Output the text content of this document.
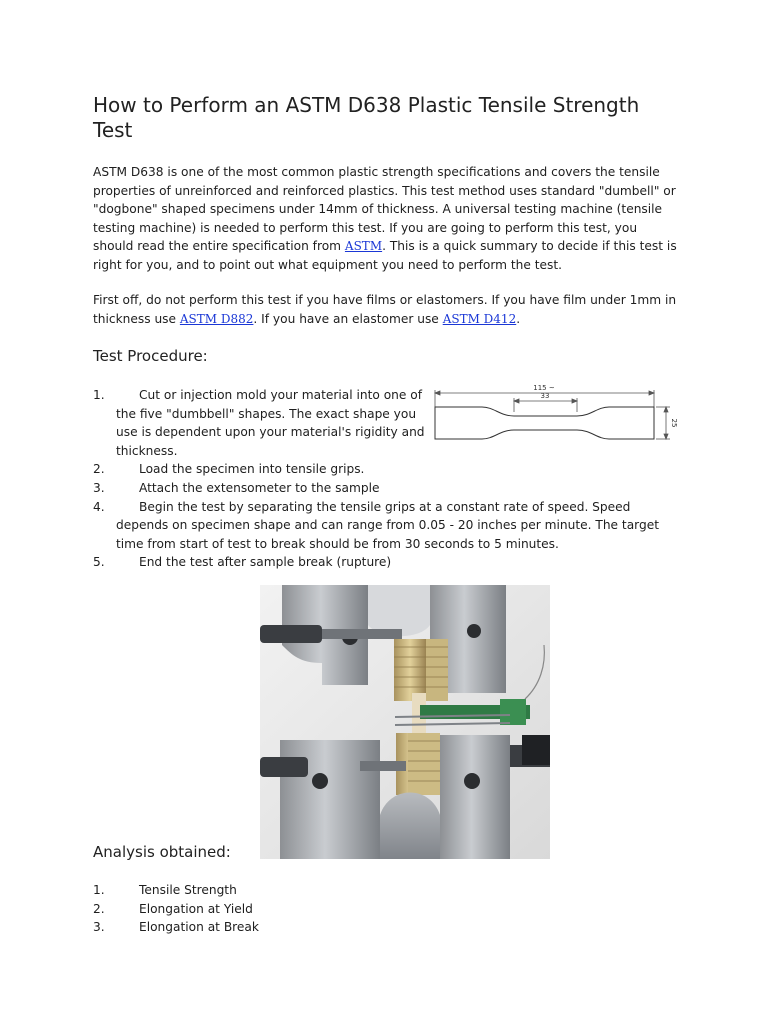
How to Perform an ASTM D638 Plastic Tensile Strength Test

ASTM D638 is one of the most common plastic strength specifications and covers the tensile properties of unreinforced and reinforced plastics. This test method uses standard "dumbell" or "dogbone" shaped specimens under 14mm of thickness. A universal testing machine (tensile testing machine) is needed to perform this test. If you are going to perform this test, you should read the entire specification from ASTM. This is a quick summary to decide if this test is right for you, and to point out what equipment you need to perform the test.

First off, do not perform this test if you have films or elastomers. If you have film under 1mm in thickness use ASTM D882. If you have an elastomer use ASTM D412.

Test Procedure:
1.	Cut or injection mold your material into one of the five "dumbbell" shapes. The exact shape you use is dependent upon your material's rigidity and thickness.
2.	Load the specimen into tensile grips.
3.	Attach the extensometer to the sample
4.	Begin the test by separating the tensile grips at a constant rate of speed. Speed depends on specimen shape and can range from 0.05 - 20 inches per minute. The target time from start of test to break should be from 30 seconds to 5 minutes.
5.	End the test after sample break (rupture)
Analysis obtained:
1.	Tensile Strength
2.	Elongation at Yield
3.	Elongation at Break
115 ~
33
25
